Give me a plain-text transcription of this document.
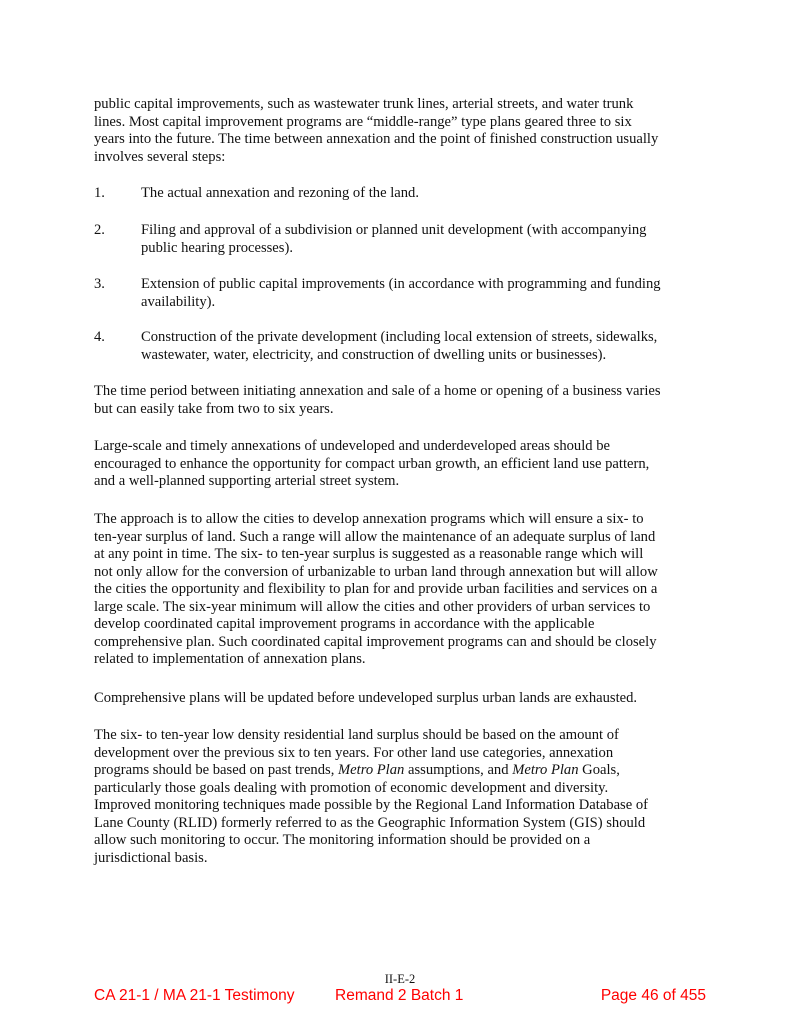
public capital improvements, such as wastewater trunk lines, arterial streets, and water trunk
lines. Most capital improvement programs are “middle-range” type plans geared three to six
years into the future. The time between annexation and the point of finished construction usually
involves several steps:
1. The actual annexation and rezoning of the land.
2. Filing and approval of a subdivision or planned unit development (with accompanying
public hearing processes).
3. Extension of public capital improvements (in accordance with programming and funding
availability).
4. Construction of the private development (including local extension of streets, sidewalks,
wastewater, water, electricity, and construction of dwelling units or businesses).
The time period between initiating annexation and sale of a home or opening of a business varies
but can easily take from two to six years.
Large-scale and timely annexations of undeveloped and underdeveloped areas should be
encouraged to enhance the opportunity for compact urban growth, an efficient land use pattern,
and a well-planned supporting arterial street system.
The approach is to allow the cities to develop annexation programs which will ensure a six- to
ten-year surplus of land. Such a range will allow the maintenance of an adequate surplus of land
at any point in time. The six- to ten-year surplus is suggested as a reasonable range which will
not only allow for the conversion of urbanizable to urban land through annexation but will allow
the cities the opportunity and flexibility to plan for and provide urban facilities and services on a
large scale. The six-year minimum will allow the cities and other providers of urban services to
develop coordinated capital improvement programs in accordance with the applicable
comprehensive plan. Such coordinated capital improvement programs can and should be closely
related to implementation of annexation plans.
Comprehensive plans will be updated before undeveloped surplus urban lands are exhausted.
The six- to ten-year low density residential land surplus should be based on the amount of
development over the previous six to ten years. For other land use categories, annexation
programs should be based on past trends, Metro Plan assumptions, and Metro Plan Goals,
particularly those goals dealing with promotion of economic development and diversity.
Improved monitoring techniques made possible by the Regional Land Information Database of
Lane County (RLID) formerly referred to as the Geographic Information System (GIS) should
allow such monitoring to occur. The monitoring information should be provided on a
jurisdictional basis.
II-E-2
CA 21-1 / MA 21-1 Testimony	Remand 2 Batch 1	Page 46 of 455
